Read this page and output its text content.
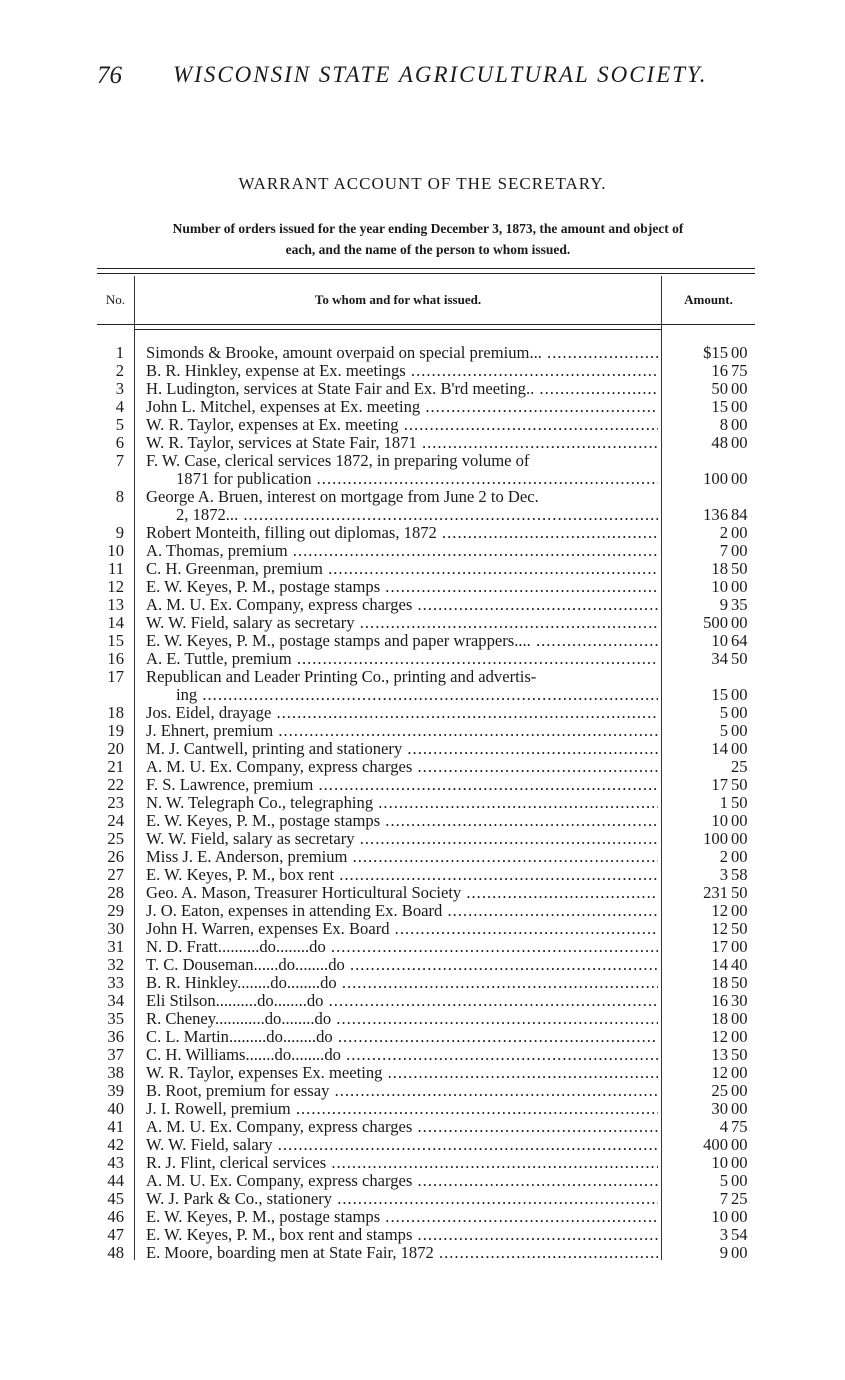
76 WISCONSIN STATE AGRICULTURAL SOCIETY.
WARRANT ACCOUNT OF THE SECRETARY.
Number of orders issued for the year ending December 3, 1873, the amount and object of
each, and the name of the person to whom issued.
No.	To whom and for what issued.	Amount.
1 Simonds & Brooke, amount overpaid on special premium... .....	$15 00
2 B. R. Hinkley, expense at Ex. meetings .....	16 75
3 H. Ludington, services at State Fair and Ex. B'rd meeting.. .....	50 00
4 John L. Mitchel, expenses at Ex. meeting .....	15 00
5 W. R. Taylor, expenses at Ex. meeting .....	8 00
6 W. R. Taylor, services at State Fair, 1871 .....	48 00
7 F. W. Case, clerical services 1872, in preparing volume of
1871 for publication .....	100 00
8 George A. Bruen, interest on mortgage from June 2 to Dec.
2, 1872... .....	136 84
9 Robert Monteith, filling out diplomas, 1872 .....	2 00
10 A. Thomas, premium .....	7 00
11 C. H. Greenman, premium .....	18 50
12 E. W. Keyes, P. M., postage stamps .....	10 00
13 A. M. U. Ex. Company, express charges .....	9 35
14 W. W. Field, salary as secretary .....	500 00
15 E. W. Keyes, P. M., postage stamps and paper wrappers.... .....	10 64
16 A. E. Tuttle, premium .....	34 50
17 Republican and Leader Printing Co., printing and advertis-
ing .....	15 00
18 Jos. Eidel, drayage .....	5 00
19 J. Ehnert, premium .....	5 00
20 M. J. Cantwell, printing and stationery .....	14 00
21 A. M. U. Ex. Company, express charges .....	25
22 F. S. Lawrence, premium .....	17 50
23 N. W. Telegraph Co., telegraphing .....	1 50
24 E. W. Keyes, P. M., postage stamps .....	10 00
25 W. W. Field, salary as secretary .....	100 00
26 Miss J. E. Anderson, premium .....	2 00
27 E. W. Keyes, P. M., box rent .....	3 58
28 Geo. A. Mason, Treasurer Horticultural Society .....	231 50
29 J. O. Eaton, expenses in attending Ex. Board .....	12 00
30 John H. Warren, expenses Ex. Board .....	12 50
31 N. D. Fratt..........do........do .....	17 00
32 T. C. Douseman......do........do .....	14 40
33 B. R. Hinkley........do........do .....	18 50
34 Eli Stilson..........do........do .....	16 30
35 R. Cheney............do........do .....	18 00
36 C. L. Martin.........do........do .....	12 00
37 C. H. Williams.......do........do .....	13 50
38 W. R. Taylor, expenses Ex. meeting .....	12 00
39 B. Root, premium for essay .....	25 00
40 J. I. Rowell, premium .....	30 00
41 A. M. U. Ex. Company, express charges .....	4 75
42 W. W. Field, salary .....	400 00
43 R. J. Flint, clerical services .....	10 00
44 A. M. U. Ex. Company, express charges .....	5 00
45 W. J. Park & Co., stationery .....	7 25
46 E. W. Keyes, P. M., postage stamps .....	10 00
47 E. W. Keyes, P. M., box rent and stamps .....	3 54
48 E. Moore, boarding men at State Fair, 1872 .....	9 00
